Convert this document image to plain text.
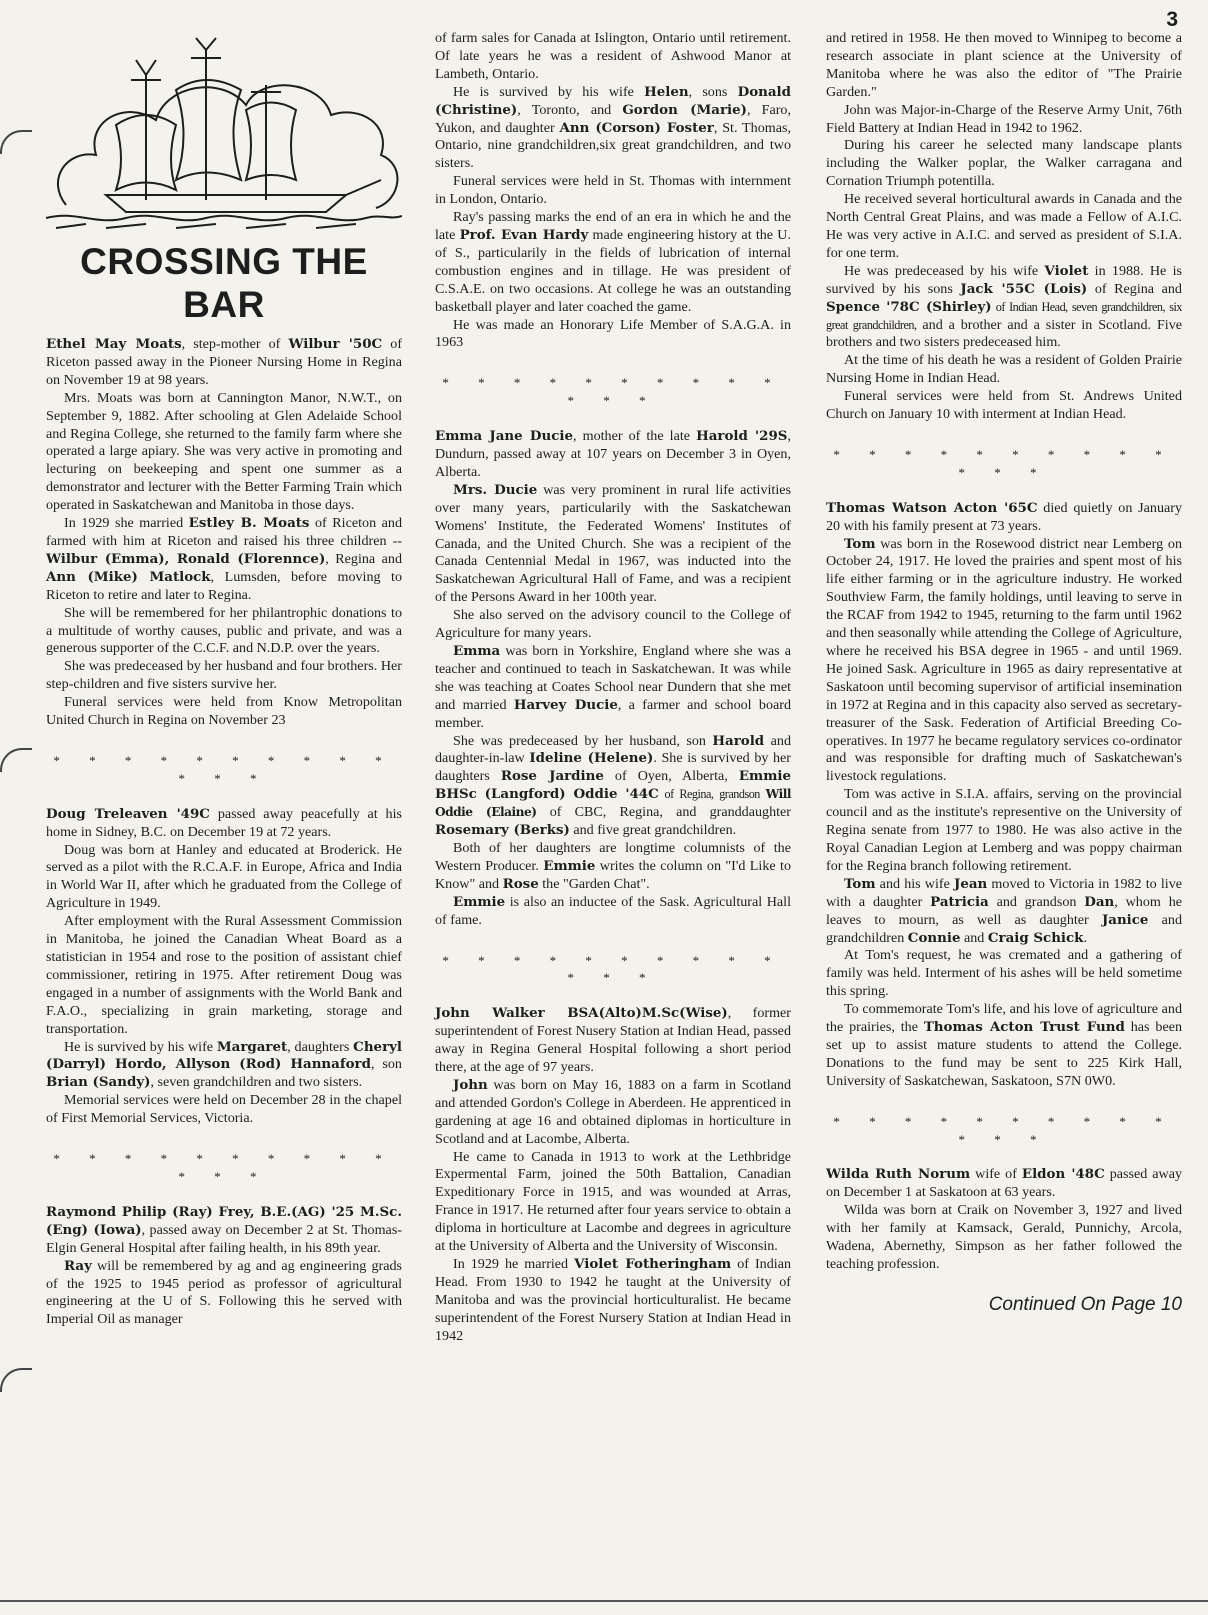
3
CROSSING THE BAR

Ethel May Moats, step-mother of Wilbur '50C of Riceton passed away in the Pioneer Nursing Home in Regina on November 19 at 98 years.

Mrs. Moats was born at Cannington Manor, N.W.T., on September 9, 1882. After schooling at Glen Adelaide School and Regina College, she returned to the family farm where she operated a large apiary. She was very active in promoting and lecturing on beekeeping and spent one summer as a demonstrator and lecturer with the Better Farming Train which operated in Saskatchewan and Manitoba in those days.

In 1929 she married Estley B. Moats of Riceton and farmed with him at Riceton and raised his three children -- Wilbur (Emma), Ronald (Florennce), Regina and Ann (Mike) Matlock, Lumsden, before moving to Riceton to retire and later to Regina.

She will be remembered for her philantrophic donations to a multitude of worthy causes, public and private, and was a generous supporter of the C.C.F. and N.D.P. over the years.

She was predeceased by her husband and four brothers. Her step-children and five sisters survive her.

Funeral services were held from Know Metropolitan United Church in Regina on November 23

* * * * * * * * * * * * *

Doug Treleaven '49C passed away peacefully at his home in Sidney, B.C. on December 19 at 72 years.

Doug was born at Hanley and educated at Broderick. He served as a pilot with the R.C.A.F. in Europe, Africa and India in World War II, after which he graduated from the College of Agriculture in 1949.

After employment with the Rural Assessment Commission in Manitoba, he joined the Canadian Wheat Board as a statistician in 1954 and rose to the position of assistant chief commissioner, retiring in 1975. After retirement Doug was engaged in a number of assignments with the World Bank and F.A.O., specializing in grain marketing, storage and transportation.

He is survived by his wife Margaret, daughters Cheryl (Darryl) Hordo, Allyson (Rod) Hannaford, son Brian (Sandy), seven grandchildren and two sisters.

Memorial services were held on December 28 in the chapel of First Memorial Services, Victoria.

* * * * * * * * * * * * *

Raymond Philip (Ray) Frey, B.E.(AG) '25 M.Sc.(Eng) (Iowa), passed away on December 2 at St. Thomas-Elgin General Hospital after failing health, in his 89th year.

Ray will be remembered by ag and ag engineering grads of the 1925 to 1945 period as professor of agricultural engineering at the U of S. Following this he served with Imperial Oil as manager

of farm sales for Canada at Islington, Ontario until retirement. Of late years he was a resident of Ashwood Manor at Lambeth, Ontario.

He is survived by his wife Helen, sons Donald (Christine), Toronto, and Gordon (Marie), Faro, Yukon, and daughter Ann (Corson) Foster, St. Thomas, Ontario, nine grandchildren,six great grandchildren, and two sisters.

Funeral services were held in St. Thomas with internment in London, Ontario.

Ray's passing marks the end of an era in which he and the late Prof. Evan Hardy made engineering history at the U. of S., particularily in the fields of lubrication of internal combustion engines and in tillage. He was president of C.S.A.E. on two occasions. At college he was an outstanding basketball player and later coached the game.

He was made an Honorary Life Member of S.A.G.A. in 1963

* * * * * * * * * * * * *

Emma Jane Ducie, mother of the late Harold '29S, Dundurn, passed away at 107 years on December 3 in Oyen, Alberta.

Mrs. Ducie was very prominent in rural life activities over many years, particularily with the Saskatchewan Womens' Institute, the Federated Womens' Institutes of Canada, and the United Church. She was a recipient of the Canada Centennial Medal in 1967, was inducted into the Saskatchewan Agricultural Hall of Fame, and was a recipient of the Persons Award in her 100th year.

She also served on the advisory council to the College of Agriculture for many years.

Emma was born in Yorkshire, England where she was a teacher and continued to teach in Saskatchewan. It was while she was teaching at Coates School near Dundern that she met and married Harvey Ducie, a farmer and school board member.

She was predeceased by her husband, son Harold and daughter-in-law Ideline (Helene). She is survived by her daughters Rose Jardine of Oyen, Alberta, Emmie BHSc (Langford) Oddie '44C of Regina, grandson Will Oddie (Elaine) of CBC, Regina, and granddaughter Rosemary (Berks) and five great grandchildren.

Both of her daughters are longtime columnists of the Western Producer. Emmie writes the column on "I'd Like to Know" and Rose the "Garden Chat".

Emmie is also an inductee of the Sask. Agricultural Hall of fame.

* * * * * * * * * * * * *

John Walker BSA(Alto)M.Sc(Wise), former superintendent of Forest Nusery Station at Indian Head, passed away in Regina General Hospital following a short period there, at the age of 97 years.

John was born on May 16, 1883 on a farm in Scotland and attended Gordon's College in Aberdeen. He apprenticed in gardening at age 16 and obtained diplomas in horticulture in Scotland and at Lacombe, Alberta.

He came to Canada in 1913 to work at the Lethbridge Expermental Farm, joined the 50th Battalion, Canadian Expeditionary Force in 1915, and was wounded at Arras, France in 1917. He returned after four years service to obtain a diploma in horticulture at Lacombe and degrees in agriculture at the University of Alberta and the University of Wisconsin.

In 1929 he married Violet Fotheringham of Indian Head. From 1930 to 1942 he taught at the University of Manitoba and was the provincial horticulturalist. He became superintendent of the Forest Nursery Station at Indian Head in 1942

and retired in 1958. He then moved to Winnipeg to become a research associate in plant science at the University of Manitoba where he was also the editor of "The Prairie Garden."

John was Major-in-Charge of the Reserve Army Unit, 76th Field Battery at Indian Head in 1942 to 1962.

During his career he selected many landscape plants including the Walker poplar, the Walker carragana and Cornation Triumph potentilla.

He received several horticultural awards in Canada and the North Central Great Plains, and was made a Fellow of A.I.C. He was very active in A.I.C. and served as president of S.I.A. for one term.

He was predeceased by his wife Violet in 1988. He is survived by his sons Jack '55C (Lois) of Regina and Spence '78C (Shirley) of Indian Head, seven grandchildren, six great grandchildren, and a brother and a sister in Scotland. Five brothers and two sisters predeceased him.

At the time of his death he was a resident of Golden Prairie Nursing Home in Indian Head.

Funeral services were held from St. Andrews United Church on January 10 with interment at Indian Head.

* * * * * * * * * * * * *

Thomas Watson Acton '65C died quietly on January 20 with his family present at 73 years.

Tom was born in the Rosewood district near Lemberg on October 24, 1917. He loved the prairies and spent most of his life either farming or in the agriculture industry. He worked Southview Farm, the family holdings, until leaving to serve in the RCAF from 1942 to 1945, returning to the farm until 1962 and then seasonally while attending the College of Agriculture, where he received his BSA degree in 1965 - and until 1969. He joined Sask. Agriculture in 1965 as dairy representative at Saskatoon until becoming supervisor of artificial insemination in 1972 at Regina and in this capacity also served as secretary-treasurer of the Sask. Federation of Artificial Breeding Co-operatives. In 1977 he became regulatory services co-ordinator and was responsible for drafting much of Saskatchewan's livestock regulations.

Tom was active in S.I.A. affairs, serving on the provincial council and as the institute's representive on the University of Regina senate from 1977 to 1980. He was also active in the Royal Canadian Legion at Lemberg and was poppy chairman for the Regina branch following retirement.

Tom and his wife Jean moved to Victoria in 1982 to live with a daughter Patricia and grandson Dan, whom he leaves to mourn, as well as daughter Janice and grandchildren Connie and Craig Schick.

At Tom's request, he was cremated and a gathering of family was held. Interment of his ashes will be held sometime this spring.

To commemorate Tom's life, and his love of agriculture and the prairies, the Thomas Acton Trust Fund has been set up to assist mature students to attend the College. Donations to the fund may be sent to 225 Kirk Hall, University of Saskatchewan, Saskatoon, S7N 0W0.

* * * * * * * * * * * * *

Wilda Ruth Norum wife of Eldon '48C passed away on December 1 at Saskatoon at 63 years.

Wilda was born at Craik on November 3, 1927 and lived with her family at Kamsack, Gerald, Punnichy, Arcola, Wadena, Abernethy, Simpson as her father followed the teaching profession.

Continued On Page 10
